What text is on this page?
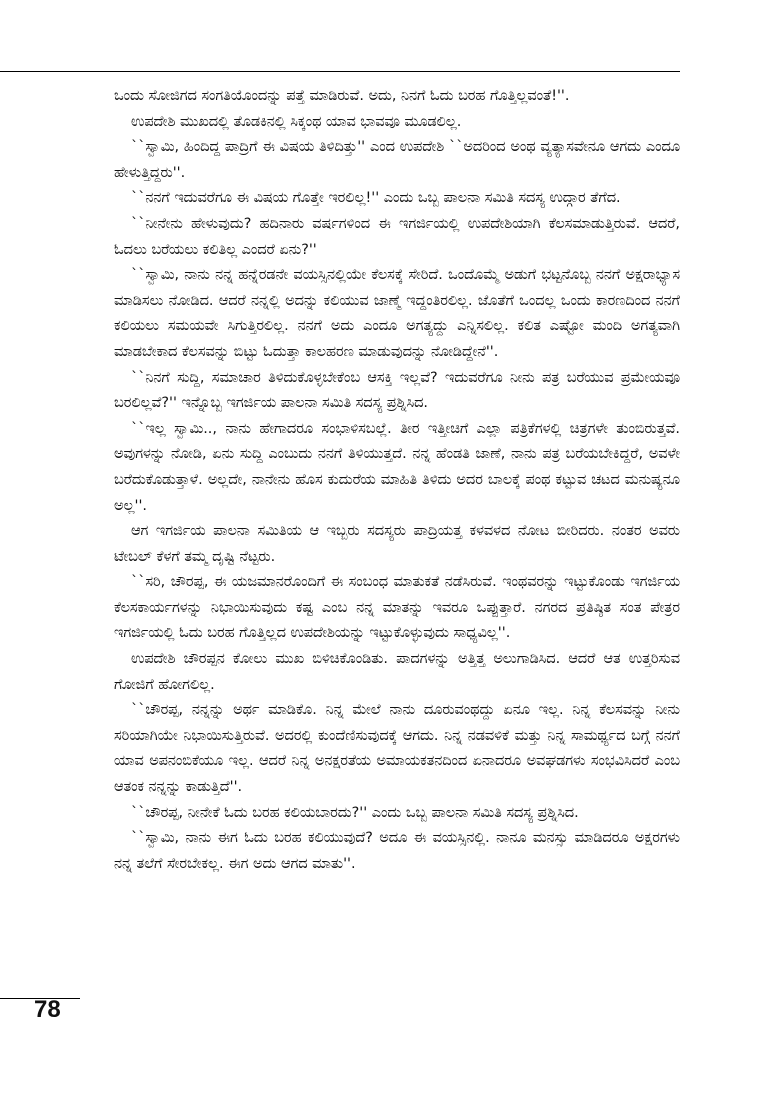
ಒಂದು ಸೋಜಿಗದ ಸಂಗತಿಯೊಂದನ್ನು ಪತ್ತೆ ಮಾಡಿರುವೆ. ಅದು, ನಿನಗೆ ಓದು ಬರಹ ಗೊತ್ತಿಲ್ಲವಂತೆ!''.

ಉಪದೇಶಿ ಮುಖದಲ್ಲಿ ತೊಡಕಿನಲ್ಲಿ ಸಿಕ್ಕಂಥ ಯಾವ ಭಾವವೂ ಮೂಡಲಿಲ್ಲ.

``ಸ್ವಾಮಿ, ಹಿಂದಿದ್ದ ಪಾದ್ರಿಗೆ ಈ ವಿಷಯ ತಿಳಿದಿತ್ತು'' ಎಂದ ಉಪದೇಶಿ ``ಅದರಿಂದ ಅಂಥ ವ್ಯತ್ಯಾಸವೇನೂ ಆಗದು ಎಂದೂ ಹೇಳುತ್ತಿದ್ದರು''.

``ನನಗೆ ಇದುವರೆಗೂ ಈ ವಿಷಯ ಗೊತ್ತೇ ಇರಲಿಲ್ಲ!'' ಎಂದು ಒಬ್ಬ ಪಾಲನಾ ಸಮಿತಿ ಸದಸ್ಯ ಉದ್ಗಾರ ತೆಗೆದ.

``ನೀನೇನು ಹೇಳುವುದು? ಹದಿನಾರು ವರ್ಷಗಳಿಂದ ಈ ಇಗರ್ಜಿಯಲ್ಲಿ ಉಪದೇಶಿಯಾಗಿ ಕೆಲಸಮಾಡುತ್ತಿರುವೆ. ಆದರೆ, ಓದಲು ಬರೆಯಲು ಕಲಿತಿಲ್ಲ ಎಂದರೆ ಏನು?''

``ಸ್ವಾಮಿ, ನಾನು ನನ್ನ ಹನ್ನೆರಡನೇ ವಯಸ್ಸಿನಲ್ಲಿಯೇ ಕೆಲಸಕ್ಕೆ ಸೇರಿದೆ. ಒಂದೊಮ್ಮೆ ಅಡುಗೆ ಭಟ್ಟನೊಬ್ಬ ನನಗೆ ಅಕ್ಷರಾಭ್ಯಾಸ ಮಾಡಿಸಲು ನೋಡಿದ. ಆದರೆ ನನ್ನಲ್ಲಿ ಅದನ್ನು ಕಲಿಯುವ ಜಾಣ್ಮೆ ಇದ್ದಂತಿರಲಿಲ್ಲ. ಜೊತೆಗೆ ಒಂದಲ್ಲ ಒಂದು ಕಾರಣದಿಂದ ನನಗೆ ಕಲಿಯಲು ಸಮಯವೇ ಸಿಗುತ್ತಿರಲಿಲ್ಲ. ನನಗೆ ಅದು ಎಂದೂ ಅಗತ್ಯದ್ದು ಎನ್ನಿಸಲಿಲ್ಲ. ಕಲಿತ ಎಷ್ಟೋ ಮಂದಿ ಅಗತ್ಯವಾಗಿ ಮಾಡಬೇಕಾದ ಕೆಲಸವನ್ನು ಬಿಟ್ಟು ಓದುತ್ತಾ ಕಾಲಹರಣ ಮಾಡುವುದನ್ನು ನೋಡಿದ್ದೇನೆ''.

``ನಿನಗೆ ಸುದ್ದಿ, ಸಮಾಚಾರ ತಿಳಿದುಕೊಳ್ಳಬೇಕೆಂಬ ಆಸಕ್ತಿ ಇಲ್ಲವೆ? ಇದುವರೆಗೂ ನೀನು ಪತ್ರ ಬರೆಯುವ ಪ್ರಮೇಯವೂ ಬರಲಿಲ್ಲವೆ?'' ಇನ್ನೊಬ್ಬ ಇಗರ್ಜಿಯ ಪಾಲನಾ ಸಮಿತಿ ಸದಸ್ಯ ಪ್ರಶ್ನಿಸಿದ.

``ಇಲ್ಲ ಸ್ವಾಮಿ.., ನಾನು ಹೇಗಾದರೂ ಸಂಭಾಳಿಸಬಲ್ಲೆ. ತೀರ ಇತ್ತೀಚಿಗೆ ಎಲ್ಲಾ ಪತ್ರಿಕೆಗಳಲ್ಲಿ ಚಿತ್ರಗಳೇ ತುಂಬಿರುತ್ತವೆ. ಅವುಗಳನ್ನು ನೋಡಿ, ಏನು ಸುದ್ದಿ ಎಂಬುದು ನನಗೆ ತಿಳಿಯುತ್ತದೆ. ನನ್ನ ಹೆಂಡತಿ ಜಾಣೆ, ನಾನು ಪತ್ರ ಬರೆಯಬೇಕಿದ್ದರೆ, ಅವಳೇ ಬರೆದುಕೊಡುತ್ತಾಳೆ. ಅಲ್ಲದೇ, ನಾನೇನು ಹೊಸ ಕುದುರೆಯ ಮಾಹಿತಿ ತಿಳಿದು ಅದರ ಬಾಲಕ್ಕೆ ಪಂಥ ಕಟ್ಟುವ ಚಟದ ಮನುಷ್ಯನೂ ಅಲ್ಲ''.

ಆಗ ಇಗರ್ಜಿಯ ಪಾಲನಾ ಸಮಿತಿಯ ಆ ಇಬ್ಬರು ಸದಸ್ಯರು ಪಾದ್ರಿಯತ್ತ ಕಳವಳದ ನೋಟ ಬೀರಿದರು. ನಂತರ ಅವರು ಟೇಬಲ್ ಕೆಳಗೆ ತಮ್ಮ ದೃಷ್ಟಿ ನೆಟ್ಟರು.

``ಸರಿ, ಚೌರಪ್ಪ, ಈ ಯಜಮಾನರೊಂದಿಗೆ ಈ ಸಂಬಂಧ ಮಾತುಕತೆ ನಡೆಸಿರುವೆ. ಇಂಥವರನ್ನು ಇಟ್ಟುಕೊಂಡು ಇಗರ್ಜಿಯ ಕೆಲಸಕಾರ್ಯಗಳನ್ನು ನಿಭಾಯಿಸುವುದು ಕಷ್ಟ ಎಂಬ ನನ್ನ ಮಾತನ್ನು ಇವರೂ ಒಪ್ಪುತ್ತಾರೆ. ನಗರದ ಪ್ರತಿಷ್ಠಿತ ಸಂತ ಪೇತ್ರರ ಇಗರ್ಜಿಯಲ್ಲಿ ಓದು ಬರಹ ಗೊತ್ತಿಲ್ಲದ ಉಪದೇಶಿಯನ್ನು ಇಟ್ಟುಕೊಳ್ಳುವುದು ಸಾಧ್ಯವಿಲ್ಲ''.

ಉಪದೇಶಿ ಚೌರಪ್ಪನ ಕೋಲು ಮುಖ ಬಿಳಿಚಿಕೊಂಡಿತು. ಪಾದಗಳನ್ನು ಅತ್ತಿತ್ತ ಅಲುಗಾಡಿಸಿದ. ಆದರೆ ಆತ ಉತ್ತರಿಸುವ ಗೋಜಿಗೆ ಹೋಗಲಿಲ್ಲ.

``ಚೌರಪ್ಪ, ನನ್ನನ್ನು ಅರ್ಥ ಮಾಡಿಕೊ. ನಿನ್ನ ಮೇಲೆ ನಾನು ದೂರುವಂಥದ್ದು ಏನೂ ಇಲ್ಲ. ನಿನ್ನ ಕೆಲಸವನ್ನು ನೀನು ಸರಿಯಾಗಿಯೇ ನಿಭಾಯಿಸುತ್ತಿರುವೆ. ಅದರಲ್ಲಿ ಕುಂದೆಣಿಸುವುದಕ್ಕೆ ಆಗದು. ನಿನ್ನ ನಡವಳಿಕೆ ಮತ್ತು ನಿನ್ನ ಸಾಮರ್ಥ್ಯದ ಬಗ್ಗೆ ನನಗೆ ಯಾವ ಅಪನಂಬಿಕೆಯೂ ಇಲ್ಲ. ಆದರೆ ನಿನ್ನ ಅನಕ್ಷರತೆಯ ಅಮಾಯಕತನದಿಂದ ಏನಾದರೂ ಅವಘಡಗಳು ಸಂಭವಿಸಿದರೆ ಎಂಬ ಆತಂಕ ನನ್ನನ್ನು ಕಾಡುತ್ತಿದೆ''.

``ಚೌರಪ್ಪ, ನೀನೇಕೆ ಓದು ಬರಹ ಕಲಿಯಬಾರದು?'' ಎಂದು ಒಬ್ಬ ಪಾಲನಾ ಸಮಿತಿ ಸದಸ್ಯ ಪ್ರಶ್ನಿಸಿದ.

``ಸ್ವಾಮಿ, ನಾನು ಈಗ ಓದು ಬರಹ ಕಲಿಯುವುದೆ? ಅದೂ ಈ ವಯಸ್ಸಿನಲ್ಲಿ. ನಾನೂ ಮನಸ್ಸು ಮಾಡಿದರೂ ಅಕ್ಷರಗಳು ನನ್ನ ತಲೆಗೆ ಸೇರಬೇಕಲ್ಲ. ಈಗ ಅದು ಆಗದ ಮಾತು''.

78
